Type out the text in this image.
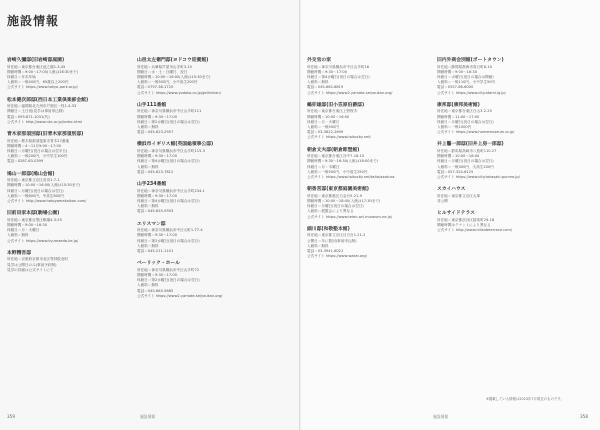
施設情報
岩崎久彌邸(旧岩崎邸庭園)
所在地＝東京都台東区池之端1-3-45
開館時間＝9:00～17:00(入館は16:30まで)
休館日＝年末年始
入館料＝一般400円、65歳以上200円
公式サイト https://www.tokyo-park.or.jp/
松本健次郎邸(西日本工業倶楽部会館)
所在地＝福岡県北九州市戸畑区一枝1-4-33
開館日＝土日祝(見学は事前申込制)
電話＝093-871-1031(代)
公式サイト http://www.nkc.or.jp/index.html
青木家那須別邸(旧青木家那須別邸)
所在地＝栃木県那須塩原市青木27番地
開館時間＝4～11月9:00～17:00
休館日＝月曜日(祝日の場合は翌平日)
入館料＝一般200円、小中学生100円
電話＝0287-63-0399
鳩山一郎邸(鳩山会館)
所在地＝東京都文京区音羽1-7-1
開館時間＝10:00～16:00(入館は15:30まで)
休館日＝月曜日(祝日の場合は翌日)
入館料＝一般800円、中高生600円
公式サイト http://www.hatoyamakaikan.com/
旧前田家本邸(駒場公園)
所在地＝東京都目黒区駒場4-3-55
開館時間＝9:00～16:30
休館日＝月・火曜日
入館料＝無料
公式サイト https://www.kyumaeda-ke.jp/
本野精吾邸
所在地＝京都府京都市北区等持院北町
見学は公開日のみ(事前予約制)
見学の詳細は公式サイトにて
山邑太左衛門邸(ヨドコウ迎賓館)
所在地＝兵庫県芦屋市山手町3-10
開館日＝水・土・日曜日、祝日
開館時間＝10:00～16:00(入館は15:30まで)
入館料＝一般500円、小中高生200円
電話＝0797-38-1720
公式サイト https://www.yodoko.co.jp/geihinkan/
山手111番館
所在地＝神奈川県横浜市中区山手町111
開館時間＝9:30～17:00
休館日＝第2水曜日(祝日の場合は翌日)
入館料＝無料
電話＝045-623-2957
横浜市イギリス館(英国総領事公邸)
所在地＝神奈川県横浜市中区山手町115-3
開館時間＝9:30～17:00
休館日＝第4水曜日(祝日の場合は翌日)
入館料＝無料
電話＝045-623-7812
山手234番館
所在地＝神奈川県横浜市中区山手町234-1
開館時間＝9:30～17:00
休館日＝第4水曜日(祝日の場合は翌日)
入館料＝無料
電話＝045-625-9393
エリスマン邸
所在地＝神奈川県横浜市中区元町1-77-4
開館時間＝9:30～17:00
休館日＝第2水曜日(祝日の場合は翌日)
入館料＝無料
電話＝045-211-1101
ベーリック・ホール
所在地＝神奈川県横浜市中区山手町72
開館時間＝9:30～17:00
休館日＝第2水曜日(祝日の場合は翌日)
入館料＝無料
電話＝045-663-5685
公式サイト https://www2.yamate-seiyoukan.org/
外交官の家
所在地＝神奈川県横浜市中区山手町16
開館時間＝9:30～17:00
休館日＝第4水曜日(祝日の場合は翌日)
入館料＝無料
電話＝045-662-8819
公式サイト https://www2.yamate-seiyoukan.org/
鶴卯雄邸(旧小笠原伯爵邸)
所在地＝東京都台東区上野桜木
開館時間＝10:00～16:00
休館日＝月・火曜日
入館料＝一般500円
電話＝03-3822-2699
公式サイト https://www.taitocity.net/
朝倉文夫邸(朝倉彫塑館)
所在地＝東京都台東区谷中7-18-10
開館時間＝9:30～16:30(入館は16:00まで)
休館日＝月・木曜日
入館料＝一般500円、小中高生250円
公式サイト https://www.taitocity.net/taito/asakura
朝香宮邸(東京都庭園美術館)
所在地＝東京都港区白金台5-21-9
開館時間＝10:00～18:00(入館は17:30まで)
休館日＝月曜日(祝日の場合は翌日)
入館料＝展覧会により異なる
公式サイト https://www.teien-art-museum.ne.jp/
細川邸(和敬塾本館)
所在地＝東京都文京区目白台1-21-2
公開日＝年に数回(事前申込制)
入館料＝無料
電話＝03-3941-6021
公式サイト https://www.wakei.org/
旧内外商会別館(ポートタウン)
所在地＝静岡県熱海市春日町8-10
開館時間＝9:00～16:30
休館日＝水曜日(祝日の場合は開館)
入館料＝一般110円、小中学生50円
電話＝0557-86-6000
公式サイト https://www.city.atami.lg.jp/
康邦邸(康邦美術館)
所在地＝東京都台東区白山3-2-25
開館時間＝11:00～17:00
休館日＝月曜日(祝日の場合は翌日)
入館料＝一般1000円
公式サイト https://www.homemuseum.or.jp/
井上馨一郎邸(旧井上房一郎邸)
所在地＝群馬県高崎市八島町110-27
開館時間＝10:00～18:00
休館日＝月曜日(祝日の場合は翌日)
入館料＝一般300円、大高生200円
電話＝027-324-6125
公式サイト https://www.city.takasaki.gunma.jp/
スカイハウス
所在地＝東京都文京区大塚
非公開
ヒルサイドテラス
所在地＝東京都渋谷区猿楽町29-18
開館時間はテナントにより異なる
公式サイト http://www.hillsideterrace.com/
359	施設情報	施設情報	358
※掲載している情報は2023年7月現在のものです。
